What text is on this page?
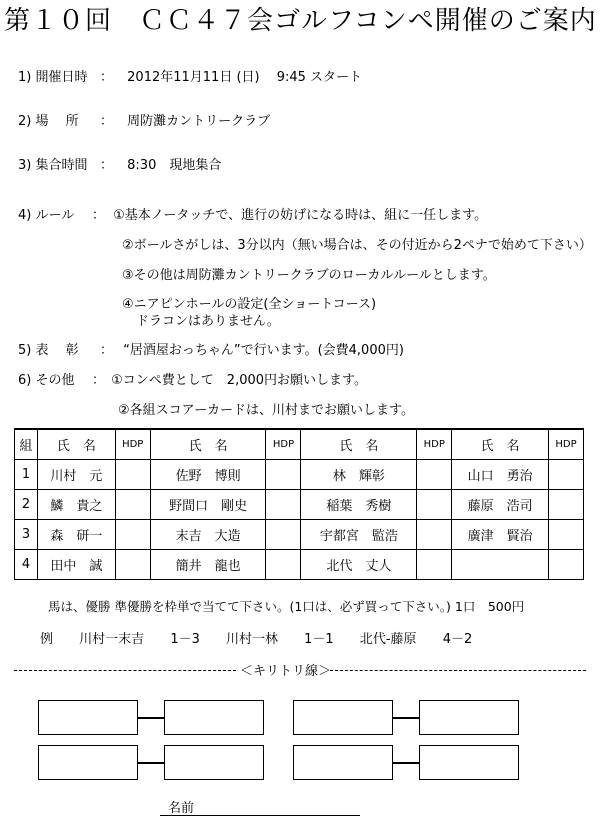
第１０回　ＣＣ４７会ゴルフコンペ開催のご案内
1) 開催日時 ： 2012年11月11日 (日)　 9:45 スタート
2) 場　 所 ： 周防灘カントリークラブ
3) 集合時間 ： 8:30　現地集合
4) ルール ： ①基本ノータッチで、進行の妨げになる時は、組に一任します。
②ボールさがしは、3分以内（無い場合は、その付近から2ペナで始めて下さい）
③その他は周防灘カントリークラブのローカルルールとします。
④ニアピンホールの設定(全ショートコース)
ドラコンはありません。
5) 表　 彰 ： “居酒屋おっちゃん”で行います。(会費4,000円)
6) その他 ： ①コンペ費として　2,000円お願いします。
②各組スコアーカードは、川村までお願いします。
組	氏　名	HDP	氏　名	HDP	氏　名	HDP	氏　名	HDP
1	川村　元		佐野　博則		林　輝彰		山口　勇治	
2	鱗　貴之		野間口　剛史		稲葉　秀樹		藤原　浩司	
3	森　研一		末吉　大造		宇都宮　監浩		廣津　賢治	
4	田中　誠		簡井　龍也		北代　丈人			
馬は、優勝 準優勝を枠単で当てて下さい。(1口は、必ず買って下さい。) 1口　500円
例 川村一末吉 1－3 川村一林 1－1 北代-藤原 4－2
＜キリトリ線＞
名前
